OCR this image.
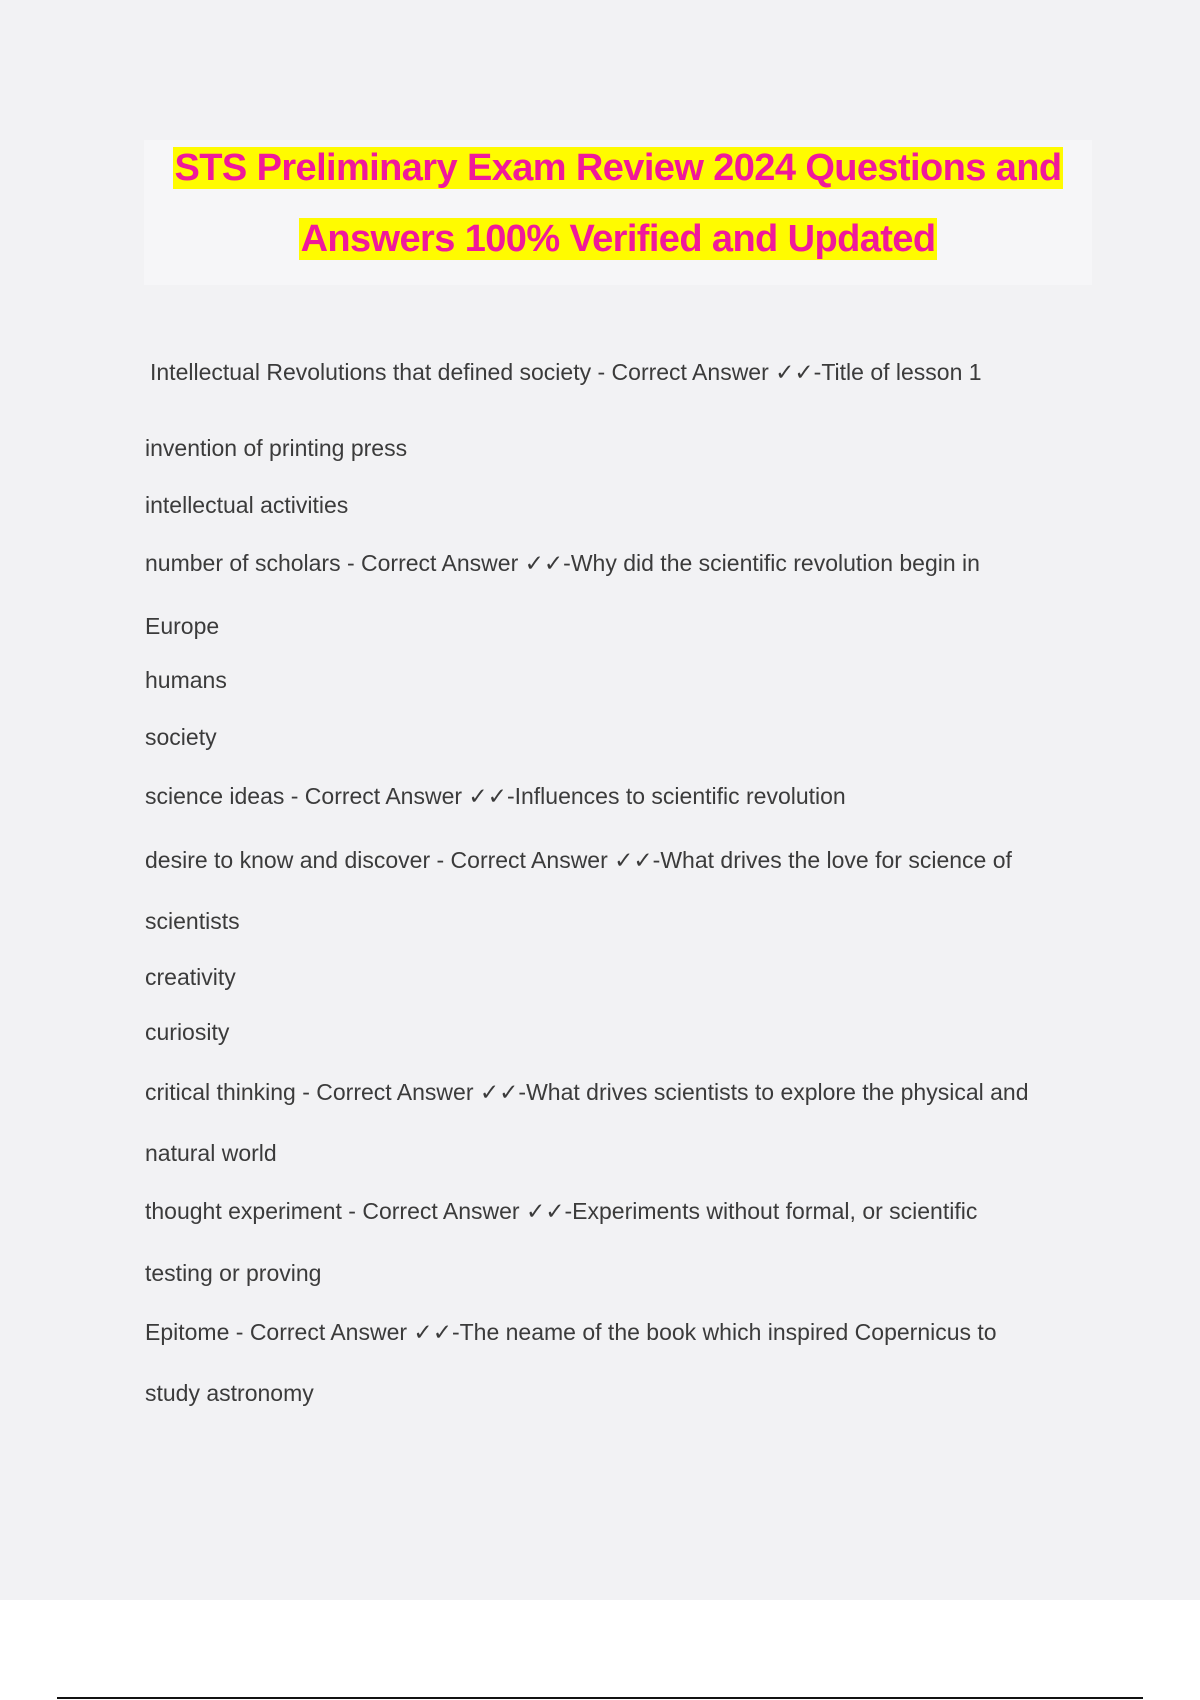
STS Preliminary Exam Review 2024 Questions and
Answers 100% Verified and Updated
Intellectual Revolutions that defined society - Correct Answer ✓✓-Title of lesson 1
invention of printing press
intellectual activities
number of scholars - Correct Answer ✓✓-Why did the scientific revolution begin in
Europe
humans
society
science ideas - Correct Answer ✓✓-Influences to scientific revolution
desire to know and discover - Correct Answer ✓✓-What drives the love for science of
scientists
creativity
curiosity
critical thinking - Correct Answer ✓✓-What drives scientists to explore the physical and
natural world
thought experiment - Correct Answer ✓✓-Experiments without formal, or scientific
testing or proving
Epitome - Correct Answer ✓✓-The neame of the book which inspired Copernicus to
study astronomy
